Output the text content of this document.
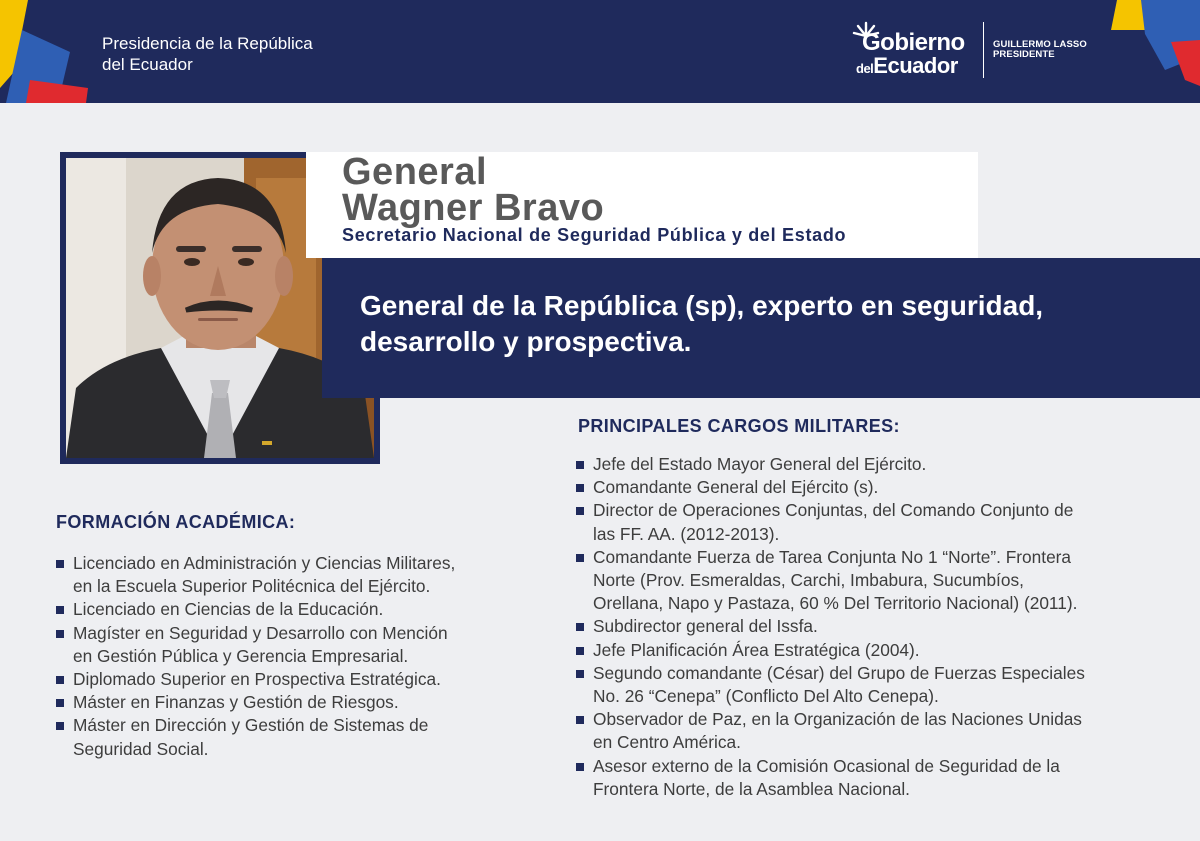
Presidencia de la República
del Ecuador
Gobierno
delEcuador
GUILLERMO LASSO
PRESIDENTE
General
Wagner Bravo
Secretario Nacional de Seguridad Pública y del Estado
General de la República (sp), experto en seguridad, desarrollo y prospectiva.
FORMACIÓN ACADÉMICA:
Licenciado en Administración y Ciencias Militares,
en la Escuela Superior Politécnica del Ejército.
Licenciado en Ciencias de la Educación.
Magíster en Seguridad y Desarrollo con Mención
en Gestión Pública y Gerencia Empresarial.
Diplomado Superior en Prospectiva Estratégica.
Máster en Finanzas y Gestión de Riesgos.
Máster en Dirección y Gestión de Sistemas de
Seguridad Social.
PRINCIPALES CARGOS MILITARES:
Jefe del Estado Mayor General del Ejército.
Comandante General del Ejército (s).
Director de Operaciones Conjuntas, del Comando Conjunto de
las FF. AA. (2012-2013).
Comandante Fuerza de Tarea Conjunta No 1 “Norte”. Frontera
Norte (Prov. Esmeraldas, Carchi, Imbabura, Sucumbíos,
Orellana, Napo y Pastaza, 60 % Del Territorio Nacional) (2011).
Subdirector general del Issfa.
Jefe Planificación Área Estratégica (2004).
Segundo comandante (César) del Grupo de Fuerzas Especiales
No. 26 “Cenepa” (Conflicto Del Alto Cenepa).
Observador de Paz, en la Organización de las Naciones Unidas
en Centro América.
Asesor externo de la Comisión Ocasional de Seguridad de la
Frontera Norte, de la Asamblea Nacional.
